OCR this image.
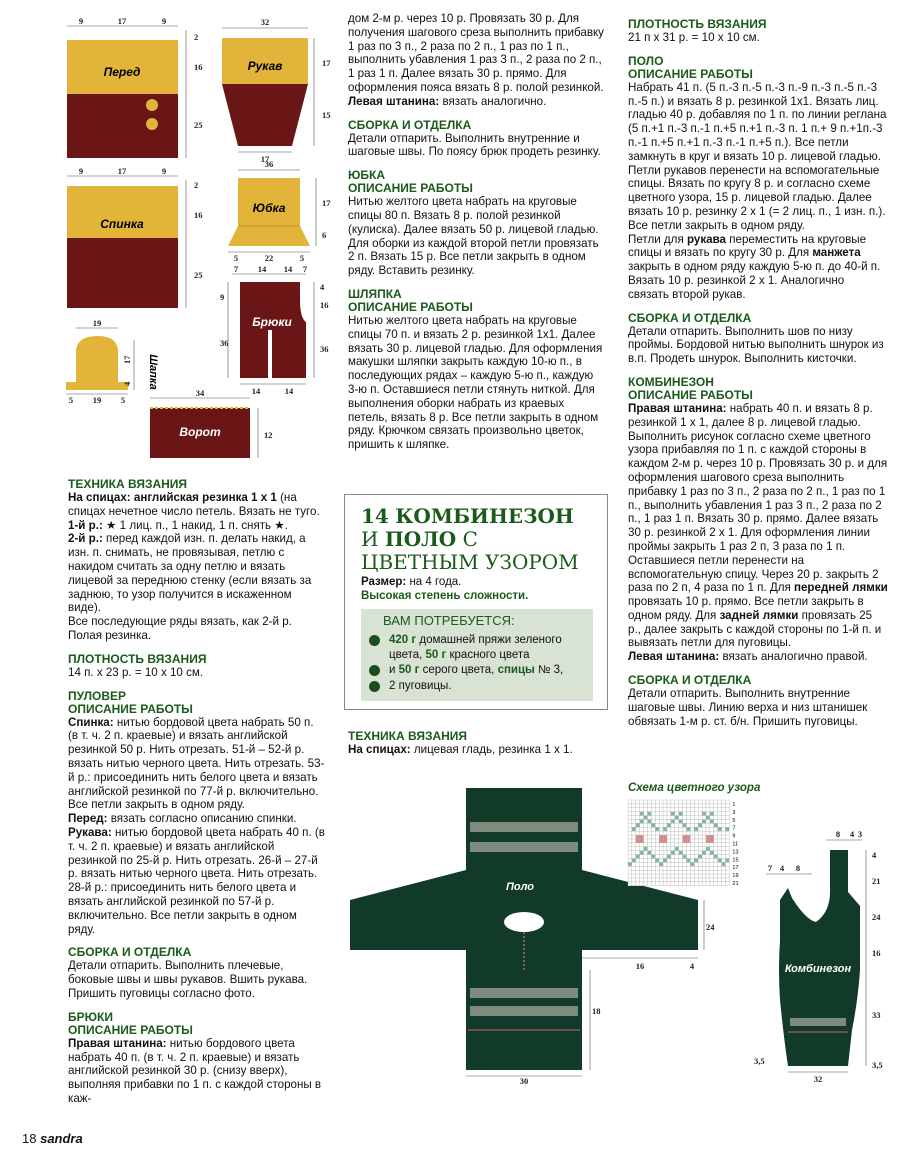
Перед
9	17	9
2
16
25
Рукав
32
17
15
17
Спинка
9	17	9
2
16
25
Юбка
36
17
6
5	22	5
Брюки
7 14 14 7
4
16
36
9
36
14	14
19
17
4 Шапка
5 19 5
Ворот
34
12
Поло
24
18
16	4
30
Схема цветного узора
1
3
5
7
9
11
13
15
17
19
21
Комбинезон
8 4 3
7 4 8
4
21
24
16
33
3,5
3,5
32

ТЕХНИКА ВЯЗАНИЯ

На спицах: английская резинка 1 х 1 (на спицах нечетное число петель. Вязать не туго.

1-й р.: ★ 1 лиц. п., 1 накид, 1 п. снять ★.

2-й р.: перед каждой изн. п. делать накид, а изн. п. снимать, не провязывая, петлю с накидом считать за одну петлю и вязать лицевой за переднюю стенку (если вязать за заднюю, то узор получится в искаженном виде).

Все последующие ряды вязать, как 2-й р.

Полая резинка.

ПЛОТНОСТЬ ВЯЗАНИЯ

14 п. х 23 р. = 10 х 10 см.

ПУЛОВЕР

ОПИСАНИЕ РАБОТЫ

Спинка: нитью бордовой цвета набрать 50 п. (в т. ч. 2 п. краевые) и вязать английской резинкой 50 р. Нить отрезать. 51-й – 52-й р. вязать нитью черного цвета. Нить отрезать. 53-й р.: присоединить нить белого цвета и вязать английской резинкой по 77-й р. включительно. Все петли закрыть в одном ряду.

Перед: вязать согласно описанию спинки.

Рукава: нитью бордовой цвета набрать 40 п. (в т. ч. 2 п. краевые) и вязать английской резинкой по 25-й р. Нить отрезать. 26-й – 27-й р. вязать нитью черного цвета. Нить отрезать. 28-й р.: присоединить нить белого цвета и вязать английской резинкой по 57-й р. включительно. Все петли закрыть в одном ряду.

СБОРКА И ОТДЕЛКА

Детали отпарить. Выполнить плечевые, боковые швы и швы рукавов. Вшить рукава. Пришить пуговицы согласно фото.

БРЮКИ

ОПИСАНИЕ РАБОТЫ

Правая штанина: нитью бордового цвета набрать 40 п. (в т. ч. 2 п. краевые) и вязать английской резинкой 30 р. (снизу вверх), выполняя прибавки по 1 п. с каждой стороны в каж-

дом 2-м р. через 10 р. Провязать 30 р. Для получения шагового среза выполнить прибавку 1 раз по 3 п., 2 раза по 2 п., 1 раз по 1 п., выполнить убавления 1 раз 3 п., 2 раза по 2 п., 1 раз 1 п. Далее вязать 30 р. прямо. Для оформления пояса вязать 8 р. полой резинкой.

Левая штанина: вязать аналогично.

СБОРКА И ОТДЕЛКА

Детали отпарить. Выполнить внутренние и шаговые швы. По поясу брюк продеть резинку.

ЮБКА

ОПИСАНИЕ РАБОТЫ

Нитью желтого цвета набрать на круговые спицы 80 п. Вязать 8 р. полой резинкой (кулиска). Далее вязать 50 р. лицевой гладью. Для оборки из каждой второй петли провязать 2 п. Вязать 15 р. Все петли закрыть в одном ряду. Вставить резинку.

ШЛЯПКА

ОПИСАНИЕ РАБОТЫ

Нитью желтого цвета набрать на круговые спицы 70 п. и вязать 2 р. резинкой 1х1. Далее вязать 30 р. лицевой гладью. Для оформления макушки шляпки закрыть каждую 10-ю п., в последующих рядах – каждую 5-ю п., каждую 3-ю п. Оставшиеся петли стянуть ниткой. Для выполнения оборки набрать из краевых петель, вязать 8 р. Все петли закрыть в одном ряду. Крючком связать произвольно цветок, пришить к шляпке.

14 КОМБИНЕЗОН
И ПОЛО С ЦВЕТНЫМ УЗОРОМ
Размер: на 4 года.
Высокая степень сложности.
ВАМ ПОТРЕБУЕТСЯ:
420 г домашней пряжи зеленого цвета, 50 г красного цвета
и 50 г серого цвета, спицы № 3,
2 пуговицы.

ТЕХНИКА ВЯЗАНИЯ

На спицах: лицевая гладь, резинка 1 х 1.

ПЛОТНОСТЬ ВЯЗАНИЯ

21 п х 31 р. = 10 х 10 см.

ПОЛО

ОПИСАНИЕ РАБОТЫ

Набрать 41 п. (5 п.-3 п.-5 п.-3 п.-9 п.-3 п.-5 п.-3 п.-5 п.) и вязать 8 р. резинкой 1х1. Вязать лиц. гладью 40 р. добавляя по 1 п. по линии реглана (5 п.+1 п.-3 п.-1 п.+5 п.+1 п.-3 п. 1 п.+ 9 п.+1п.-3 п.-1 п.+5 п.+1 п.-3 п.-1 п.+5 п.). Все петли замкнуть в круг и вязать 10 р. лицевой гладью. Петли рукавов перенести на вспомогательные спицы. Вязать по кругу 8 р. и согласно схеме цветного узора, 15 р. лицевой гладью. Далее вязать 10 р. резинку 2 х 1 (= 2 лиц. п., 1 изн. п.). Все петли закрыть в одном ряду.

Петли для рукава переместить на круговые спицы и вязать по кругу 30 р. Для манжета закрыть в одном ряду каждую 5-ю п. до 40-й п. Вязать 10 р. резинкой 2 х 1. Аналогично связать второй рукав.

СБОРКА И ОТДЕЛКА

Детали отпарить. Выполнить шов по низу проймы. Бордовой нитью выполнить шнурок из в.п. Продеть шнурок. Выполнить кисточки.

КОМБИНЕЗОН

ОПИСАНИЕ РАБОТЫ

Правая штанина: набрать 40 п. и вязать 8 р. резинкой 1 х 1, далее 8 р. лицевой гладью. Выполнить рисунок согласно схеме цветного узора прибавляя по 1 п. с каждой стороны в каждом 2-м р. через 10 р. Провязать 30 р. и для оформления шагового среза выполнить прибавку 1 раз по 3 п., 2 раза по 2 п., 1 раз по 1 п., выполнить убавления 1 раз 3 п., 2 раза по 2 п., 1 раз 1 п. Вязать 30 р. прямо. Далее вязать 30 р. резинкой 2 х 1. Для оформления линии проймы закрыть 1 раз 2 п, 3 раза по 1 п. Оставшиеся петли перенести на вспомогательную спицу. Через 20 р. закрыть 2 раза по 2 п, 4 раза по 1 п. Для передней лямки провязать 10 р. прямо. Все петли закрыть в одном ряду. Для задней лямки провязать 25 р., далее закрыть с каждой стороны по 1-й п. и вывязать петли для пуговицы.

Левая штанина: вязать аналогично правой.

СБОРКА И ОТДЕЛКА

Детали отпарить. Выполнить внутренние шаговые швы. Линию верха и низ штанишек обвязать 1-м р. ст. б/н. Пришить пуговицы.

18 sandra
